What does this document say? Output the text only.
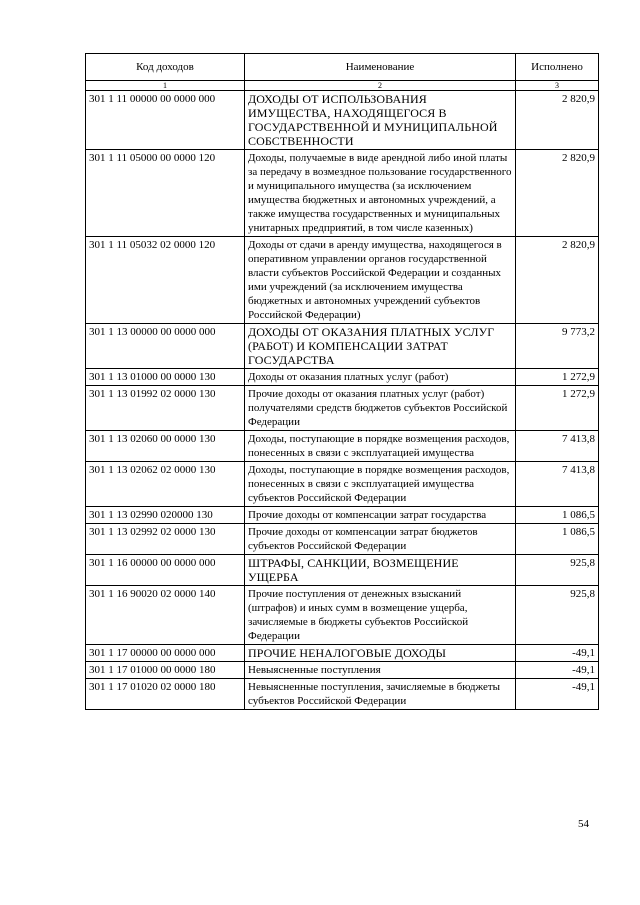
Код доходов	Наименование	Исполнено
1	2	3
301 1 11 00000 00 0000 000	ДОХОДЫ ОТ ИСПОЛЬЗОВАНИЯ ИМУЩЕСТВА, НАХОДЯЩЕГОСЯ В ГОСУДАРСТВЕННОЙ И МУНИЦИПАЛЬНОЙ СОБСТВЕННОСТИ	2 820,9
301 1 11 05000 00 0000 120	Доходы, получаемые в виде арендной либо иной платы за передачу в возмездное пользование государственного и муниципального имущества (за исключением имущества бюджетных и автономных учреждений, а также имущества государственных и муниципальных унитарных предприятий, в том числе казенных)	2 820,9
301 1 11 05032 02 0000 120	Доходы от сдачи в аренду имущества, находящегося в оперативном управлении органов государственной власти субъектов Российской Федерации и созданных ими учреждений (за исключением имущества бюджетных и автономных учреждений субъектов Российской Федерации)	2 820,9
301 1 13 00000 00 0000 000	ДОХОДЫ ОТ ОКАЗАНИЯ ПЛАТНЫХ УСЛУГ (РАБОТ) И КОМПЕНСАЦИИ ЗАТРАТ ГОСУДАРСТВА	9 773,2
301 1 13 01000 00 0000 130	Доходы от оказания платных услуг (работ)	1 272,9
301 1 13 01992 02 0000 130	Прочие доходы от оказания платных услуг (работ) получателями средств бюджетов субъектов Российской Федерации	1 272,9
301 1 13 02060 00 0000 130	Доходы, поступающие в порядке возмещения расходов, понесенных в связи с эксплуатацией имущества	7 413,8
301 1 13 02062 02 0000 130	Доходы, поступающие в порядке возмещения расходов, понесенных в связи с эксплуатацией имущества субъектов Российской Федерации	7 413,8
301 1 13 02990 020000 130	Прочие доходы от компенсации затрат государства	1 086,5
301 1 13 02992 02 0000 130	Прочие доходы от компенсации затрат бюджетов субъектов Российской Федерации	1 086,5
301 1 16 00000 00 0000 000	ШТРАФЫ, САНКЦИИ, ВОЗМЕЩЕНИЕ УЩЕРБА	925,8
301 1 16 90020 02 0000 140	Прочие поступления от денежных взысканий (штрафов) и иных сумм в возмещение ущерба, зачисляемые в бюджеты субъектов Российской Федерации	925,8
301 1 17 00000 00 0000 000	ПРОЧИЕ НЕНАЛОГОВЫЕ ДОХОДЫ	-49,1
301 1 17 01000 00 0000 180	Невыясненные поступления	-49,1
301 1 17 01020 02 0000 180	Невыясненные поступления, зачисляемые в бюджеты субъектов Российской Федерации	-49,1
54
